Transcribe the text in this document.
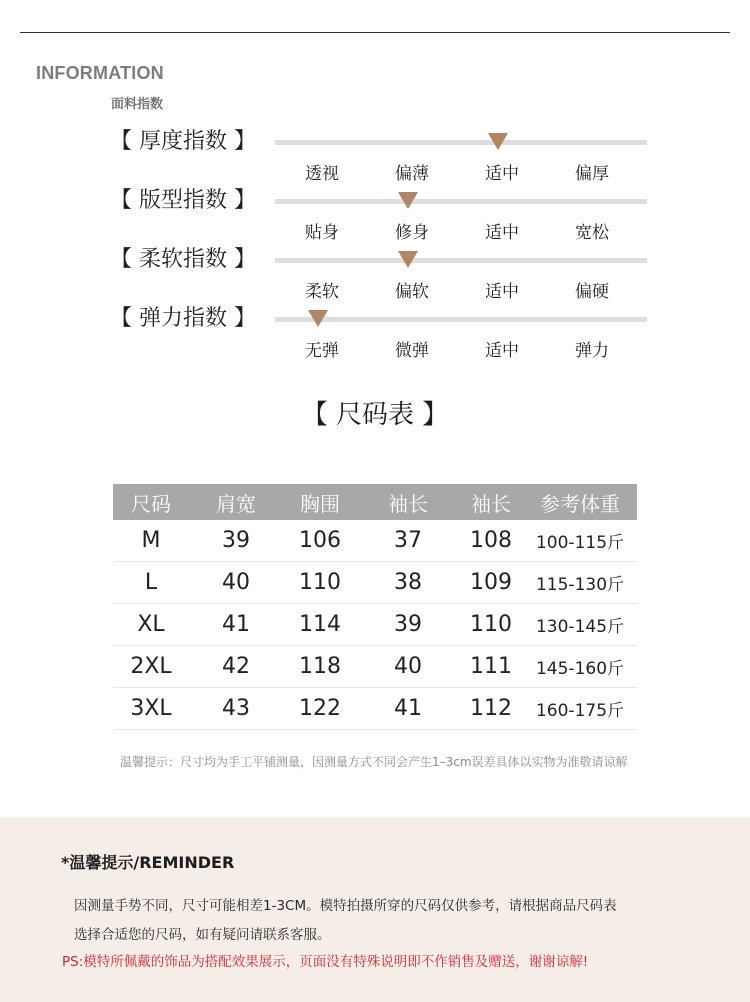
INFORMATION
面料指数
【 厚度指数 】
透视	偏薄	适中	偏厚
【 版型指数 】
贴身	修身	适中	宽松
【 柔软指数 】
柔软	偏软	适中	偏硬
【 弹力指数 】
无弹	微弹	适中	弹力
【 尺码表 】
尺码	肩宽	胸围	袖长	袖长	参考体重
M	39	106	37	108	100-115斤
L	40	110	38	109	115-130斤
XL	41	114	39	110	130-145斤
2XL	42	118	40	111	145-160斤
3XL	43	122	41	112	160-175斤
温馨提示：尺寸均为手工平铺测量，因测量方式不同会产生1–3cm误差具体以实物为准敬请谅解
*温馨提示/REMINDER
因测量手势不同，尺寸可能相差1-3CM。模特拍摄所穿的尺码仅供参考，请根据商品尺码表
选择合适您的尺码，如有疑问请联系客服。
PS:模特所佩戴的饰品为搭配效果展示，页面没有特殊说明即不作销售及赠送，谢谢谅解!
